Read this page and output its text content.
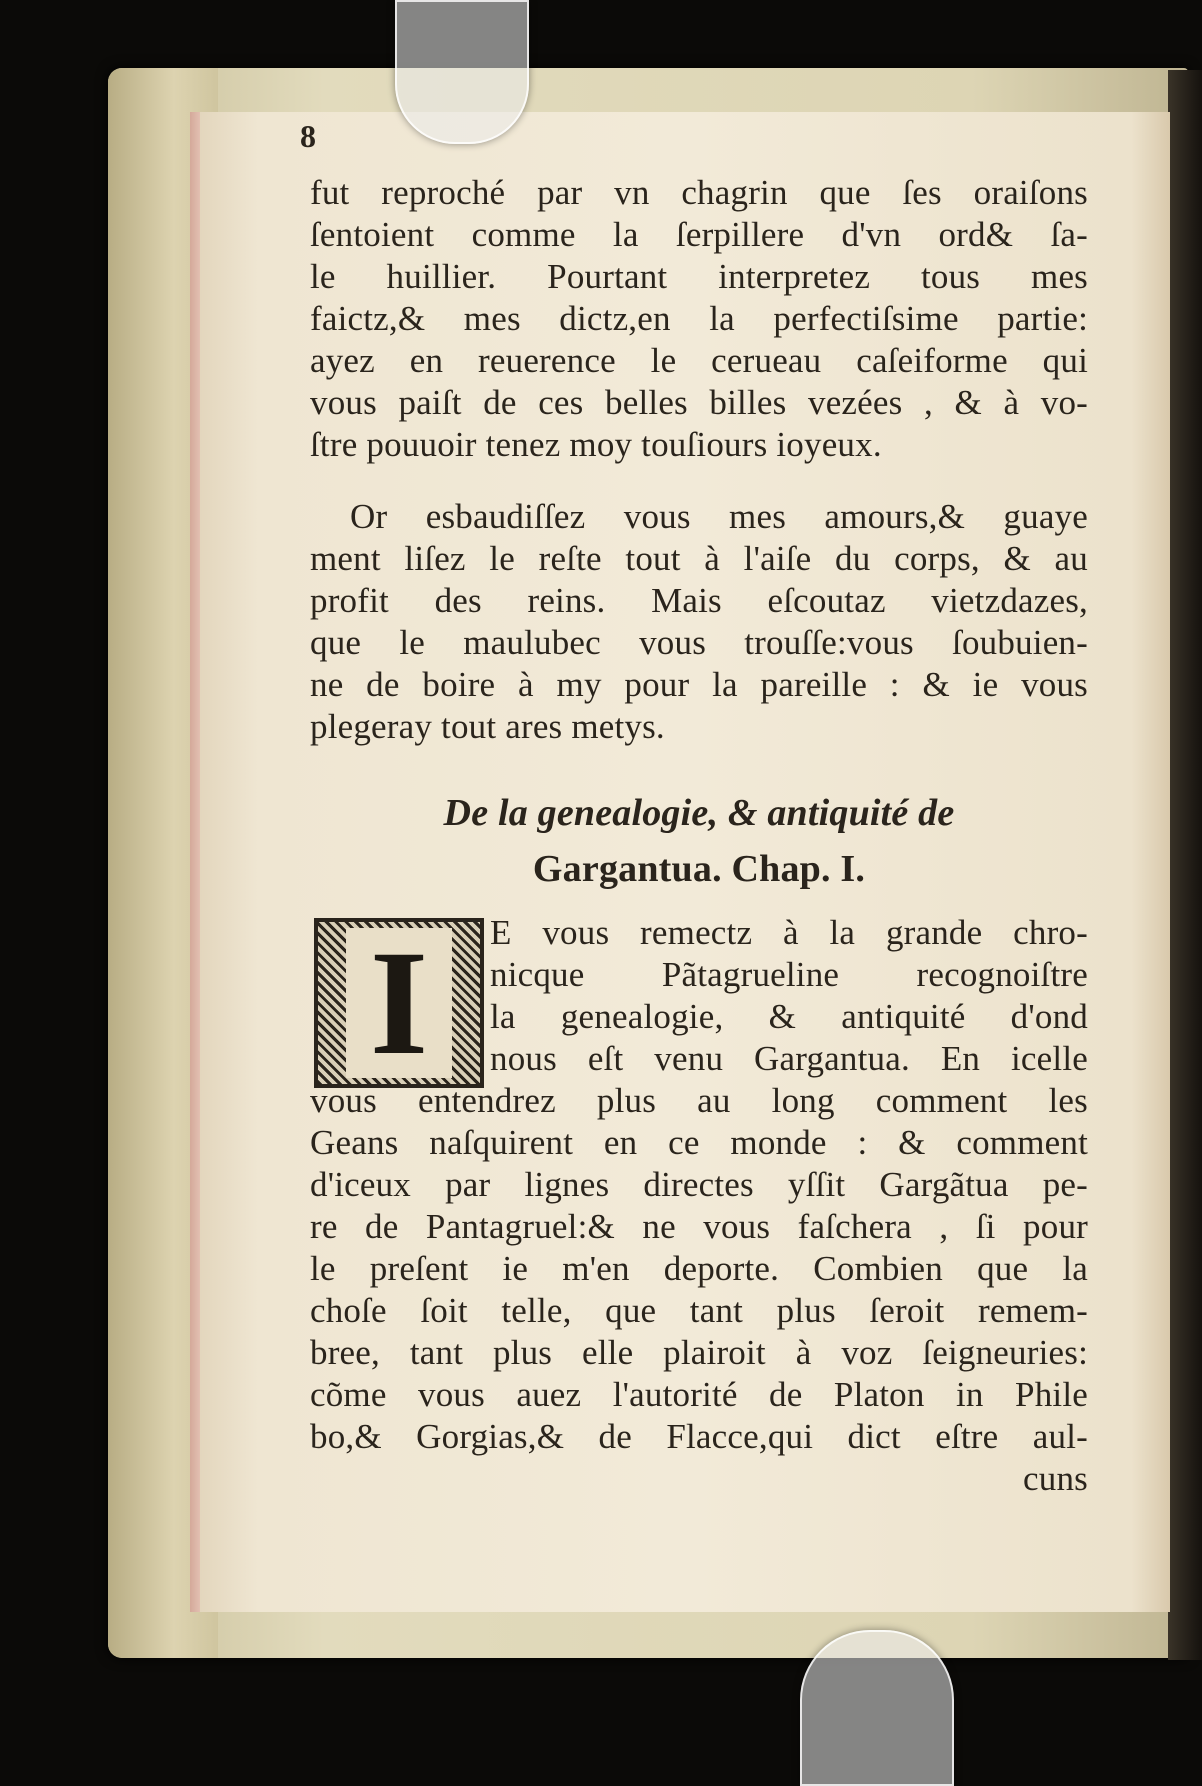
8
fut reproché par vn chagrin que ſes oraiſons
ſentoient comme la ſerpillere d'vn ord& ſa-
le huillier. Pourtant interpretez tous mes
faictz,& mes dictz,en la perfectiſsime partie:
ayez en reuerence le cerueau caſeiforme qui
vous paiſt de ces belles billes vezées , & à vo-
ſtre pouuoir tenez moy touſiours ioyeux.
Or esbaudiſſez vous mes amours,& guaye
ment liſez le reſte tout à l'aiſe du corps, & au
profit des reins. Mais eſcoutaz vietzdazes,
que le maulubec vous trouſſe:vous ſoubuien-
ne de boire à my pour la pareille : & ie vous
plegeray tout ares metys.
De la genealogie, & antiquité de
Gargantua. Chap. I.
I	E vous remectz à la grande chro-
nicque Pãtagrueline recognoiſtre
la genealogie, & antiquité d'ond
nous eſt venu Gargantua. En icelle
vous entendrez plus au long comment les
Geans naſquirent en ce monde : & comment
d'iceux par lignes directes yſſit Gargãtua pe-
re de Pantagruel:& ne vous faſchera , ſi pour
le preſent ie m'en deporte. Combien que la
choſe ſoit telle, que tant plus ſeroit remem-
bree, tant plus elle plairoit à voz ſeigneuries:
cõme vous auez l'autorité de Platon in Phile
bo,& Gorgias,& de Flacce,qui dict eſtre aul-
cuns
